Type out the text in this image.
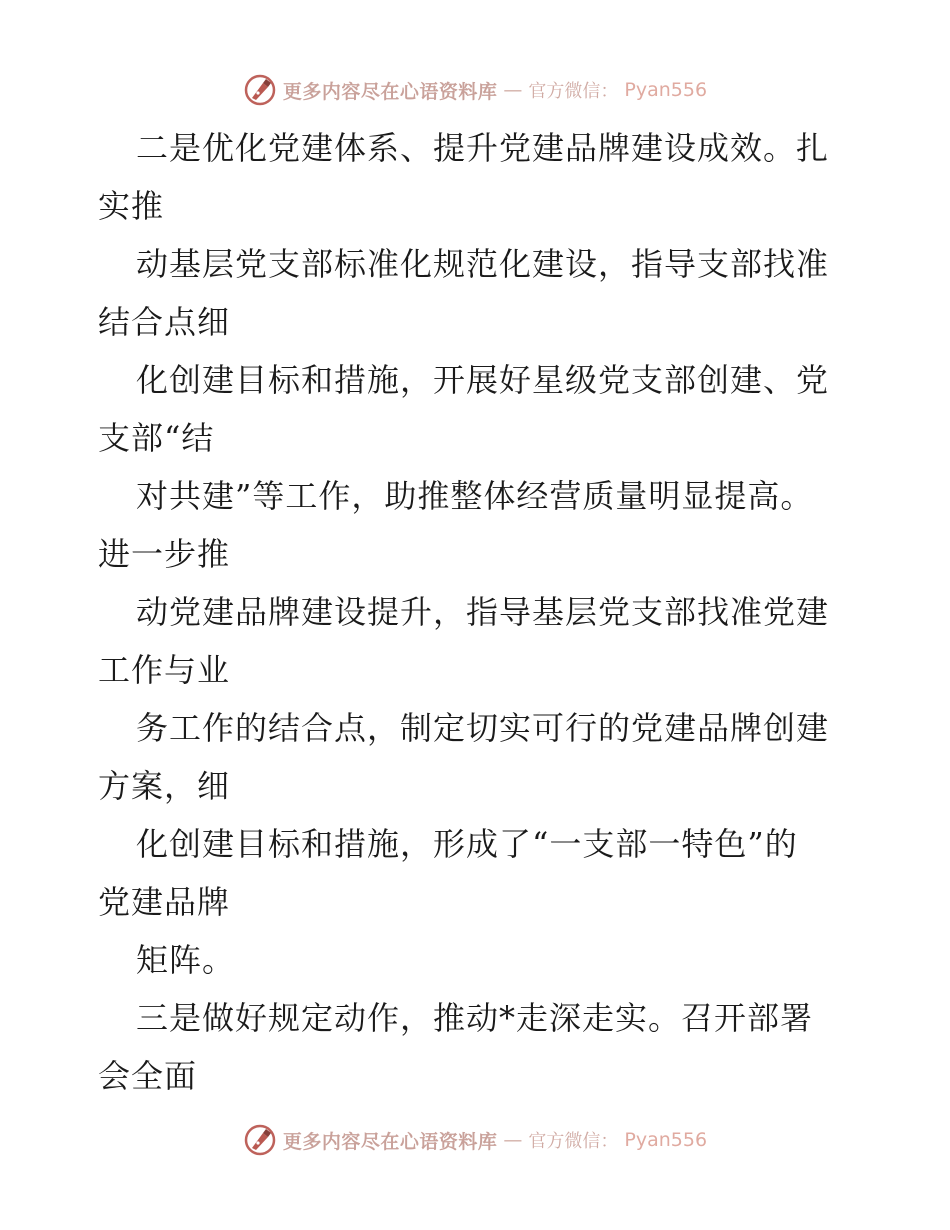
更多内容尽在心语资料库 — 官方微信： Pyan556
二是优化党建体系、提升党建品牌建设成效。扎
实推
动基层党支部标准化规范化建设，指导支部找准
结合点细
化创建目标和措施，开展好星级党支部创建、党
支部“结
对共建”等工作，助推整体经营质量明显提高。
进一步推
动党建品牌建设提升，指导基层党支部找准党建
工作与业
务工作的结合点，制定切实可行的党建品牌创建
方案，细
化创建目标和措施，形成了“一支部一特色”的
党建品牌
矩阵。
三是做好规定动作，推动*走深走实。召开部署
会全面
更多内容尽在心语资料库 — 官方微信： Pyan556
